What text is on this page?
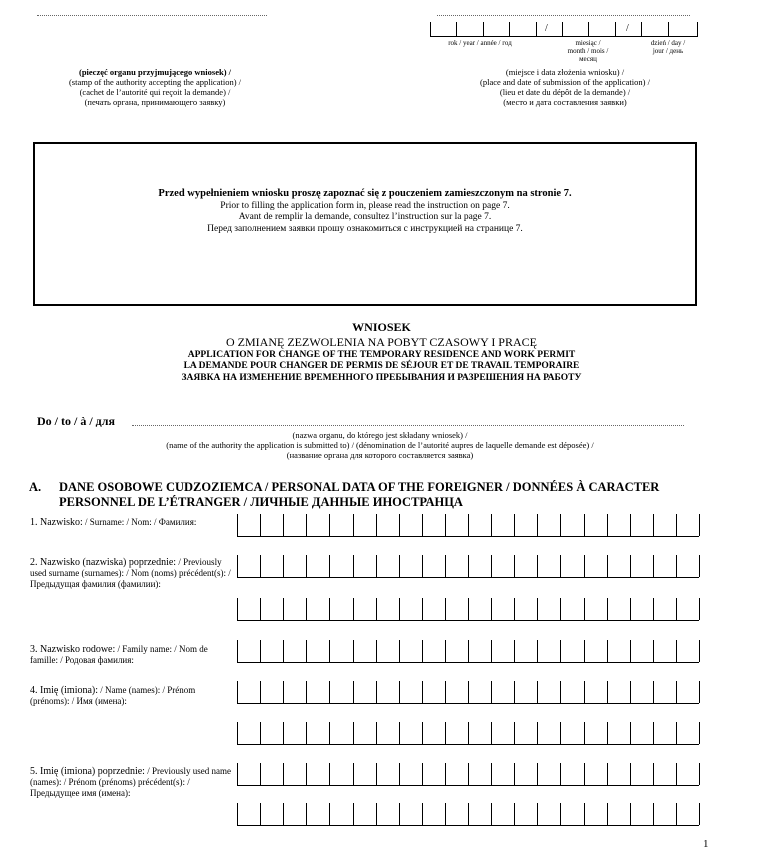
(pieczęć organu przyjmującego wniosek) /
(stamp of the authority accepting the application) /
(cachet de l’autorité qui reçoit la demande) /
(печать органа, принимающего заявку)
/	/
rok / year / année / год	miesiąc /
month / mois /
месяц
dzień / day /
jour / день
(miejsce i data złożenia wniosku) /
(place and date of submission of the application) /
(lieu et date du dépôt de la demande) /
(место и дата составления заявки)
Przed wypełnieniem wniosku proszę zapoznać się z pouczeniem zamieszczonym na stronie 7.
Prior to filling the application form in, please read the instruction on page 7.
Avant de remplir la demande, consultez l’instruction sur la page 7.
Перед заполнением заявки прошу ознакомиться с инструкцией на странице 7.
WNIOSEK
O ZMIANĘ ZEZWOLENIA NA POBYT CZASOWY I PRACĘ
APPLICATION FOR CHANGE OF THE TEMPORARY RESIDENCE AND WORK PERMIT
LA DEMANDE POUR CHANGER DE PERMIS DE SÉJOUR ET DE TRAVAIL TEMPORAIRE
ЗАЯВКА НА ИЗМЕНЕНИЕ ВРЕМЕННОГО ПРЕБЫВАНИЯ И РАЗРЕШЕНИЯ НА РАБОТУ
Do / to / à / для
(nazwa organu, do którego jest składany wniosek) /
(name of the authority the application is submitted to) / (dénomination de l’autorité aupres de laquelle demande est déposée) /
(название органа для которого составляется заявка)
A. DANE OSOBOWE CUDZOZIEMCA / PERSONAL DATA OF THE FOREIGNER / DONNÉES À CARACTER
PERSONNEL DE L’ÉTRANGER / ЛИЧНЫЕ ДАННЫЕ ИНОСТРАНЦА
1. Nazwisko: / Surname: / Nom: / Фамилия:
2. Nazwisko (nazwiska) poprzednie: / Previously used surname (surnames): / Nom (noms) précédent(s): / Предыдущая фамилия (фамилии):
3. Nazwisko rodowe: / Family name: / Nom de famille: / Родовая фамилия:
4. Imię (imiona): / Name (names): / Prénom (prénoms): / Имя (имена):
5. Imię (imiona) poprzednie: / Previously used name (names): / Prénom (prénoms) précédent(s): / Предыдущее имя (имена):
1
